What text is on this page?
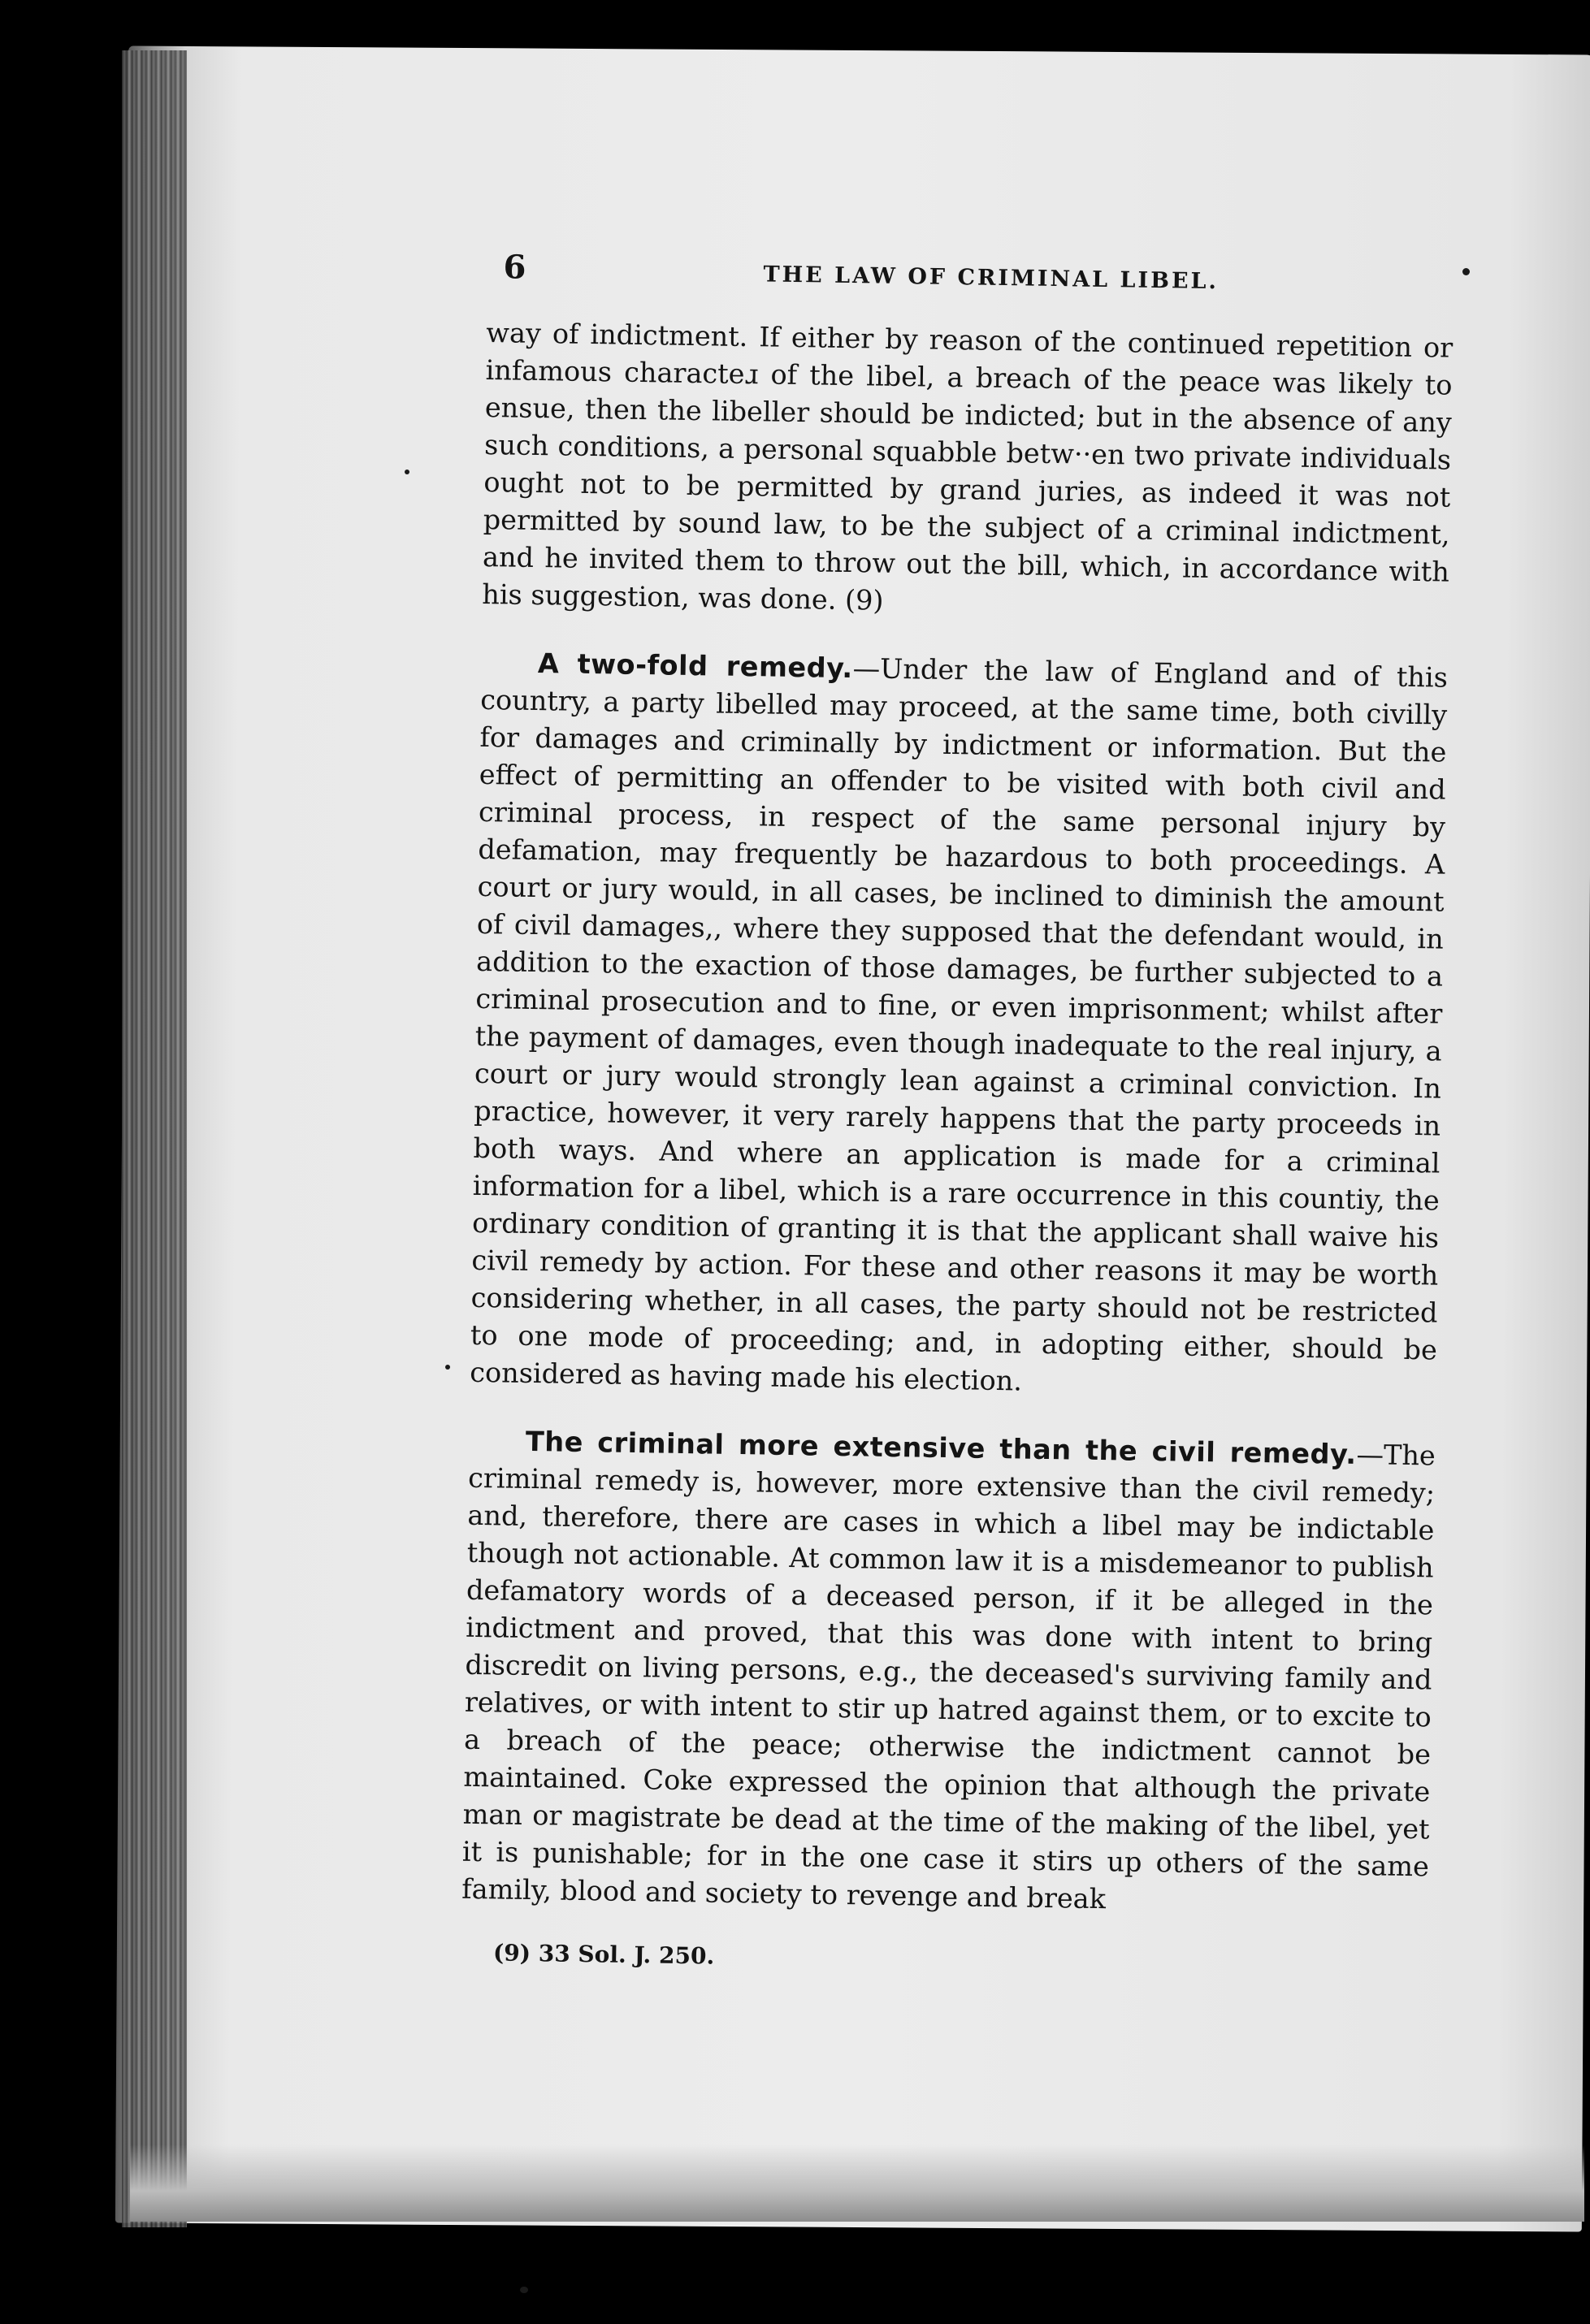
6	THE LAW OF CRIMINAL LIBEL.

way of indictment. If either by reason of the continued repetition or infamous characteɹ of the libel, a breach of the peace was likely to ensue, then the libeller should be indicted; but in the absence of any such conditions, a personal squabble betw··en two private individuals ought not to be permitted by grand juries, as indeed it was not permitted by sound law, to be the subject of a criminal indictment, and he invited them to throw out the bill, which, in accordance with his suggestion, was done. (9)

A two-fold remedy.—Under the law of England and of this country, a party libelled may proceed, at the same time, both civilly for damages and criminally by indictment or information. But the effect of permitting an offender to be visited with both civil and criminal process, in respect of the same personal injury by defamation, may frequently be hazardous to both proceedings. A court or jury would, in all cases, be inclined to diminish the amount of civil damages,, where they supposed that the defendant would, in addition to the exaction of those damages, be further subjected to a criminal prosecution and to fine, or even imprisonment; whilst after the payment of damages, even though inadequate to the real injury, a court or jury would strongly lean against a criminal conviction. In practice, however, it very rarely happens that the party proceeds in both ways. And where an application is made for a criminal information for a libel, which is a rare occurrence in this countiy, the ordinary condition of granting it is that the applicant shall waive his civil remedy by action. For these and other reasons it may be worth considering whether, in all cases, the party should not be restricted to one mode of proceeding; and, in adopting either, should be considered as having made his election.

The criminal more extensive than the civil remedy.—The criminal remedy is, however, more extensive than the civil remedy; and, therefore, there are cases in which a libel may be indictable though not actionable. At common law it is a misdemeanor to publish defamatory words of a deceased person, if it be alleged in the indictment and proved, that this was done with intent to bring discredit on living persons, e.g., the deceased's surviving family and relatives, or with intent to stir up hatred against them, or to excite to a breach of the peace; otherwise the indictment cannot be maintained. Coke expressed the opinion that although the private man or magistrate be dead at the time of the making of the libel, yet it is punishable; for in the one case it stirs up others of the same family, blood and society to revenge and break

(9) 33 Sol. J. 250.
